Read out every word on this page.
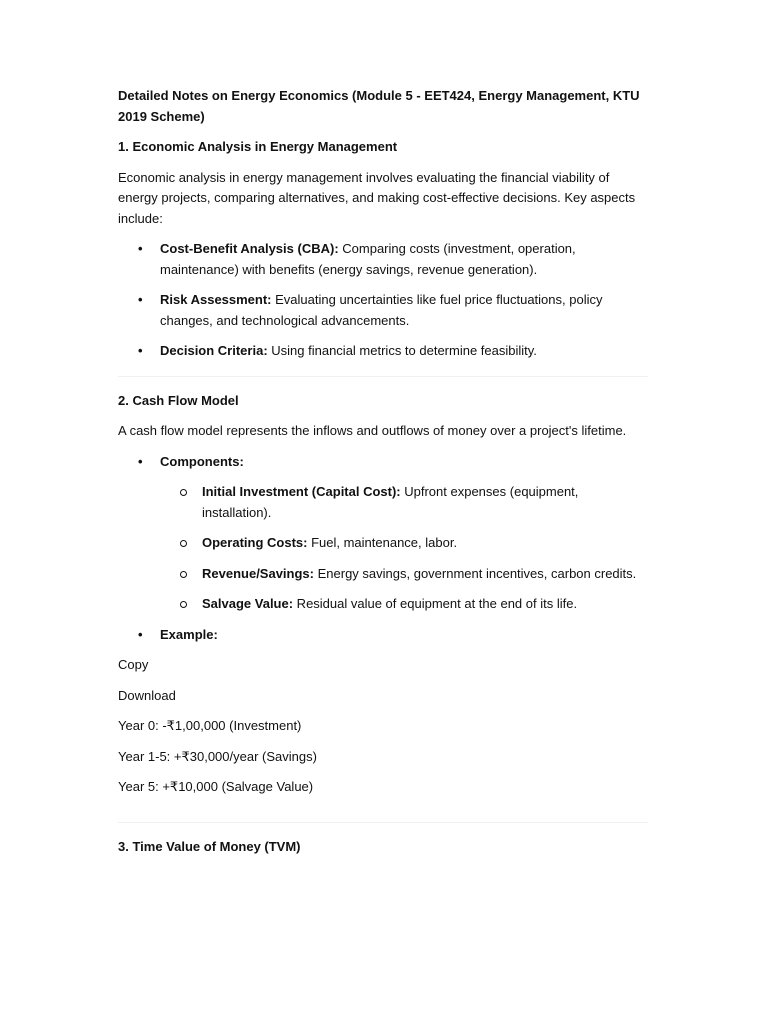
Detailed Notes on Energy Economics (Module 5 - EET424, Energy Management, KTU 2019 Scheme)

1. Economic Analysis in Energy Management

Economic analysis in energy management involves evaluating the financial viability of energy projects, comparing alternatives, and making cost-effective decisions. Key aspects include:

• Cost-Benefit Analysis (CBA): Comparing costs (investment, operation, maintenance) with benefits (energy savings, revenue generation).
• Risk Assessment: Evaluating uncertainties like fuel price fluctuations, policy changes, and technological advancements.
• Decision Criteria: Using financial metrics to determine feasibility.

2. Cash Flow Model

A cash flow model represents the inflows and outflows of money over a project's lifetime.

• Components:
Initial Investment (Capital Cost): Upfront expenses (equipment, installation).
Operating Costs: Fuel, maintenance, labor.
Revenue/Savings: Energy savings, government incentives, carbon credits.
Salvage Value: Residual value of equipment at the end of its life.
• Example:

Copy

Download

Year 0: -₹1,00,000 (Investment)

Year 1-5: +₹30,000/year (Savings)

Year 5: +₹10,000 (Salvage Value)

3. Time Value of Money (TVM)
